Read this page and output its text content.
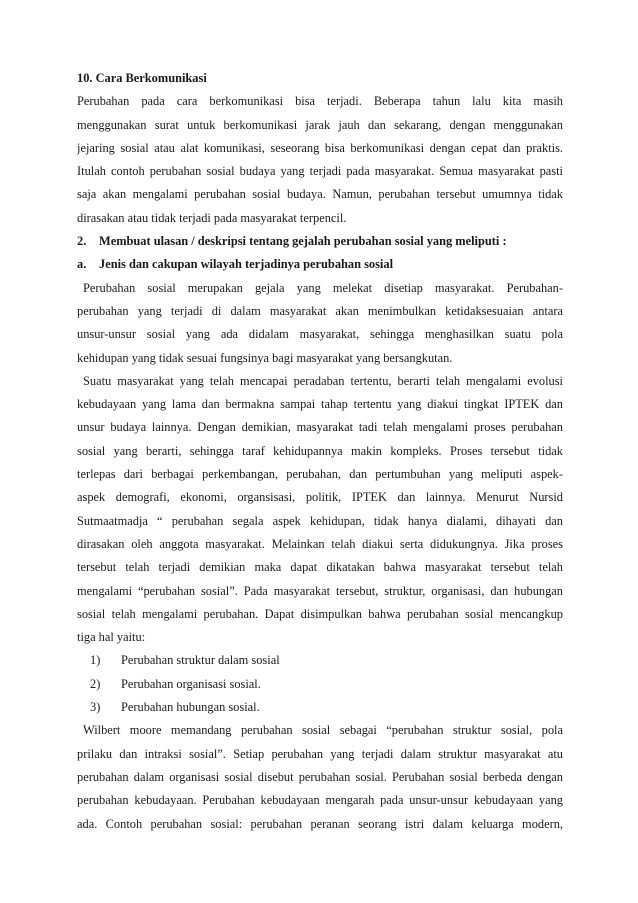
10. Cara Berkomunikasi
Perubahan pada cara berkomunikasi bisa terjadi. Beberapa tahun lalu kita masih
menggunakan surat untuk berkomunikasi jarak jauh dan sekarang, dengan menggunakan
jejaring sosial atau alat komunikasi, seseorang bisa berkomunikasi dengan cepat dan praktis.
Itulah contoh perubahan sosial budaya yang terjadi pada masyarakat. Semua masyarakat pasti
saja akan mengalami perubahan sosial budaya. Namun, perubahan tersebut umumnya tidak
dirasakan atau tidak terjadi pada masyarakat terpencil.
2. Membuat ulasan / deskripsi tentang gejalah perubahan sosial yang meliputi :
a. Jenis dan cakupan wilayah terjadinya perubahan sosial
Perubahan sosial merupakan gejala yang melekat disetiap masyarakat. Perubahan-
perubahan yang terjadi di dalam masyarakat akan menimbulkan ketidaksesuaian antara
unsur-unsur sosial yang ada didalam masyarakat, sehingga menghasilkan suatu pola
kehidupan yang tidak sesuai fungsinya bagi masyarakat yang bersangkutan.
Suatu masyarakat yang telah mencapai peradaban tertentu, berarti telah mengalami evolusi
kebudayaan yang lama dan bermakna sampai tahap tertentu yang diakui tingkat IPTEK dan
unsur budaya lainnya. Dengan demikian, masyarakat tadi telah mengalami proses perubahan
sosial yang berarti, sehingga taraf kehidupannya makin kompleks. Proses tersebut tidak
terlepas dari berbagai perkembangan, perubahan, dan pertumbuhan yang meliputi aspek-
aspek demografi, ekonomi, organsisasi, politik, IPTEK dan lainnya. Menurut Nursid
Sutmaatmadja “ perubahan segala aspek kehidupan, tidak hanya dialami, dihayati dan
dirasakan oleh anggota masyarakat. Melainkan telah diakui serta didukungnya. Jika proses
tersebut telah terjadi demikian maka dapat dikatakan bahwa masyarakat tersebut telah
mengalami “perubahan sosial”. Pada masyarakat tersebut, struktur, organisasi, dan hubungan
sosial telah mengalami perubahan. Dapat disimpulkan bahwa perubahan sosial mencangkup
tiga hal yaitu:
1) Perubahan struktur dalam sosial
2) Perubahan organisasi sosial.
3) Perubahan hubungan sosial.
Wilbert moore memandang perubahan sosial sebagai “perubahan struktur sosial, pola
prilaku dan intraksi sosial”. Setiap perubahan yang terjadi dalam struktur masyarakat atu
perubahan dalam organisasi sosial disebut perubahan sosial. Perubahan sosial berbeda dengan
perubahan kebudayaan. Perubahan kebudayaan mengarah pada unsur-unsur kebudayaan yang
ada. Contoh perubahan sosial: perubahan peranan seorang istri dalam keluarga modern,
